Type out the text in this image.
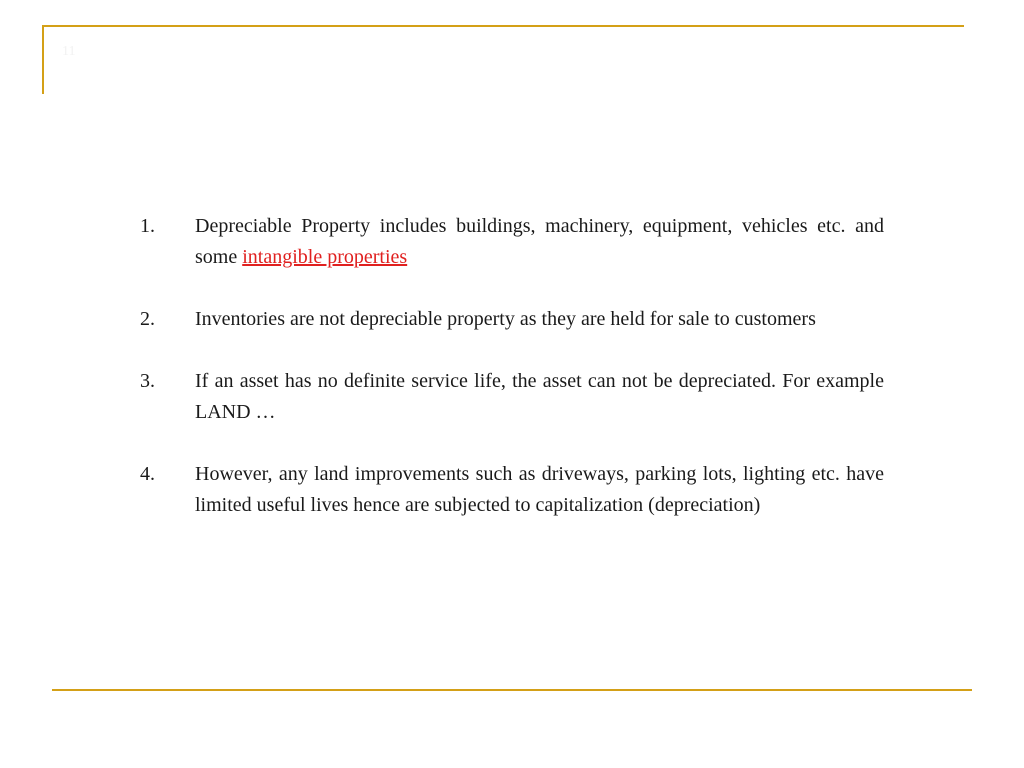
11
1.	Depreciable Property includes buildings, machinery, equipment, vehicles etc. and some intangible properties
2.	Inventories are not depreciable property as they are held for sale to customers
3.	If an asset has no definite service life, the asset can not be depreciated. For example LAND …
4.	However, any land improvements such as driveways, parking lots, lighting etc. have limited useful lives hence are subjected to capitalization (depreciation)
